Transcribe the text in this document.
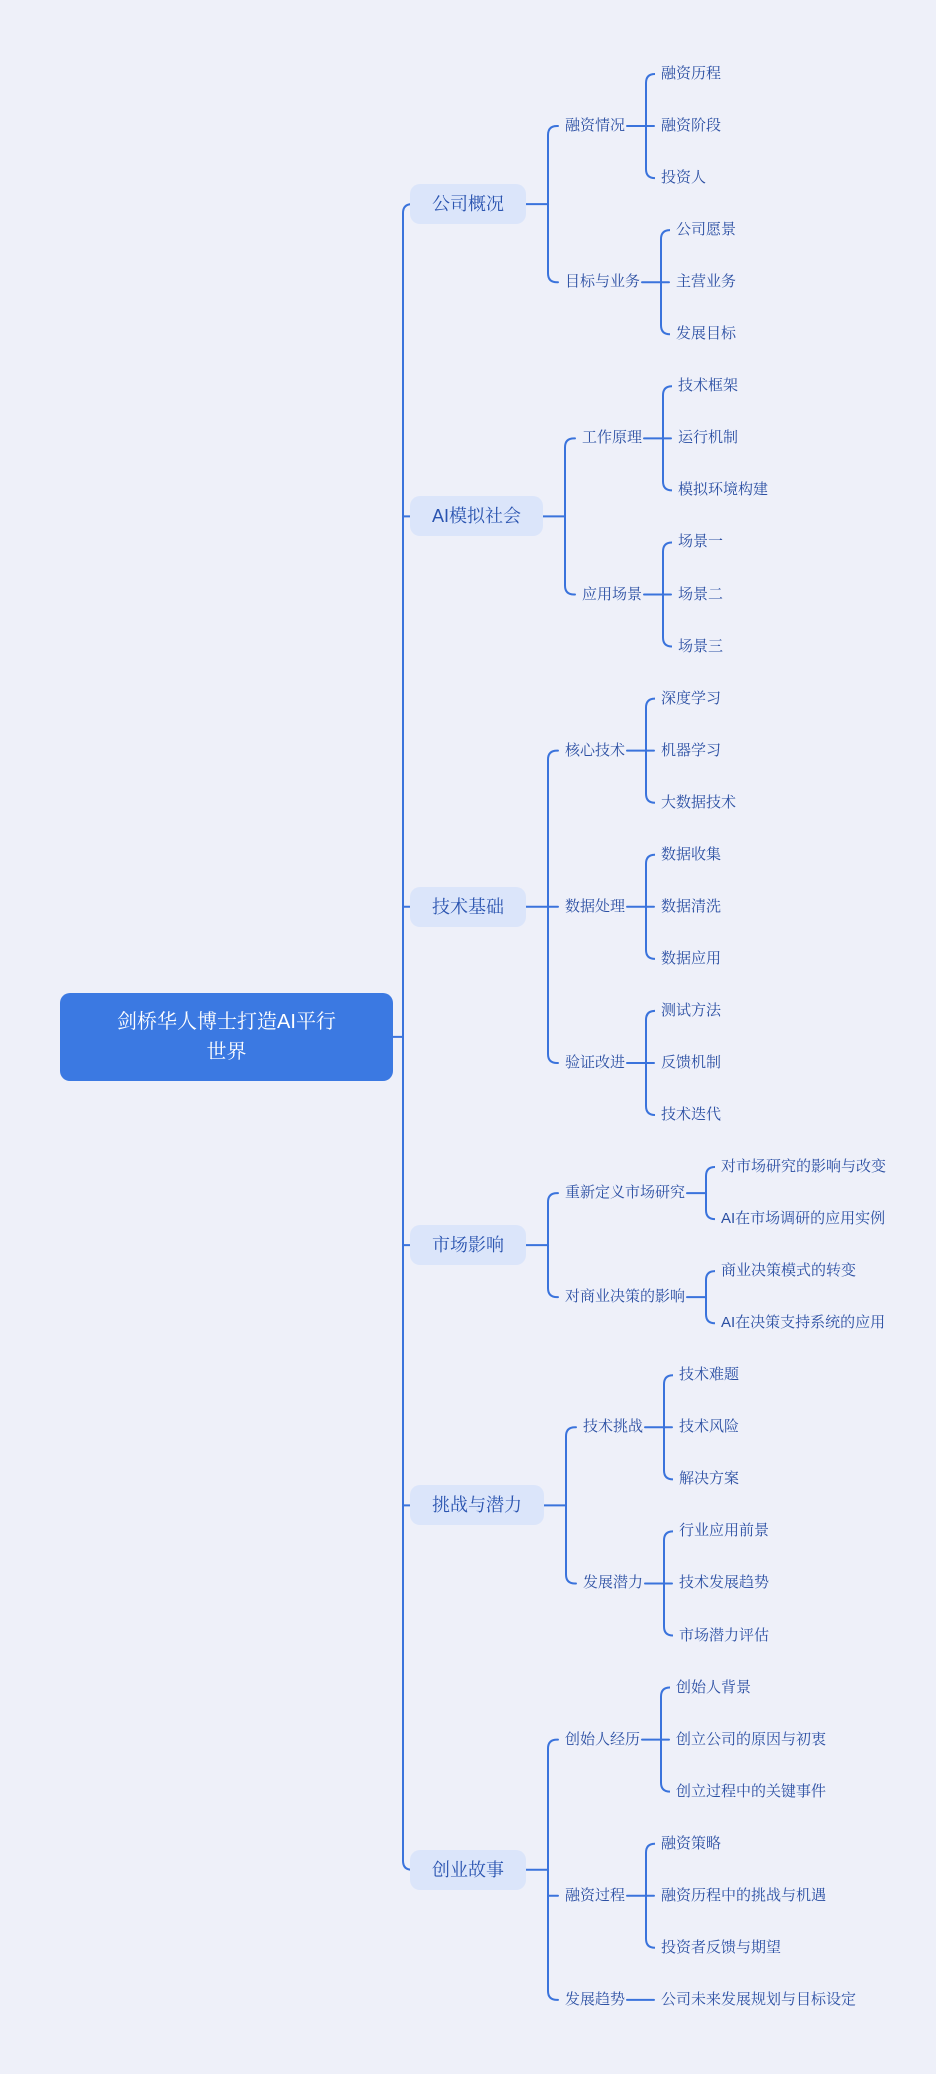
剑桥华人博士打造AI平行
世界
公司概况
融资情况
融资历程
融资阶段
投资人
目标与业务
公司愿景
主营业务
发展目标
AI模拟社会
工作原理
技术框架
运行机制
模拟环境构建
应用场景
场景一
场景二
场景三
技术基础
核心技术
深度学习
机器学习
大数据技术
数据处理
数据收集
数据清洗
数据应用
验证改进
测试方法
反馈机制
技术迭代
市场影响
重新定义市场研究
对市场研究的影响与改变
AI在市场调研的应用实例
对商业决策的影响
商业决策模式的转变
AI在决策支持系统的应用
挑战与潜力
技术挑战
技术难题
技术风险
解决方案
发展潜力
行业应用前景
技术发展趋势
市场潜力评估
创业故事
创始人经历
创始人背景
创立公司的原因与初衷
创立过程中的关键事件
融资过程
融资策略
融资历程中的挑战与机遇
投资者反馈与期望
发展趋势 公司未来发展规划与目标设定
